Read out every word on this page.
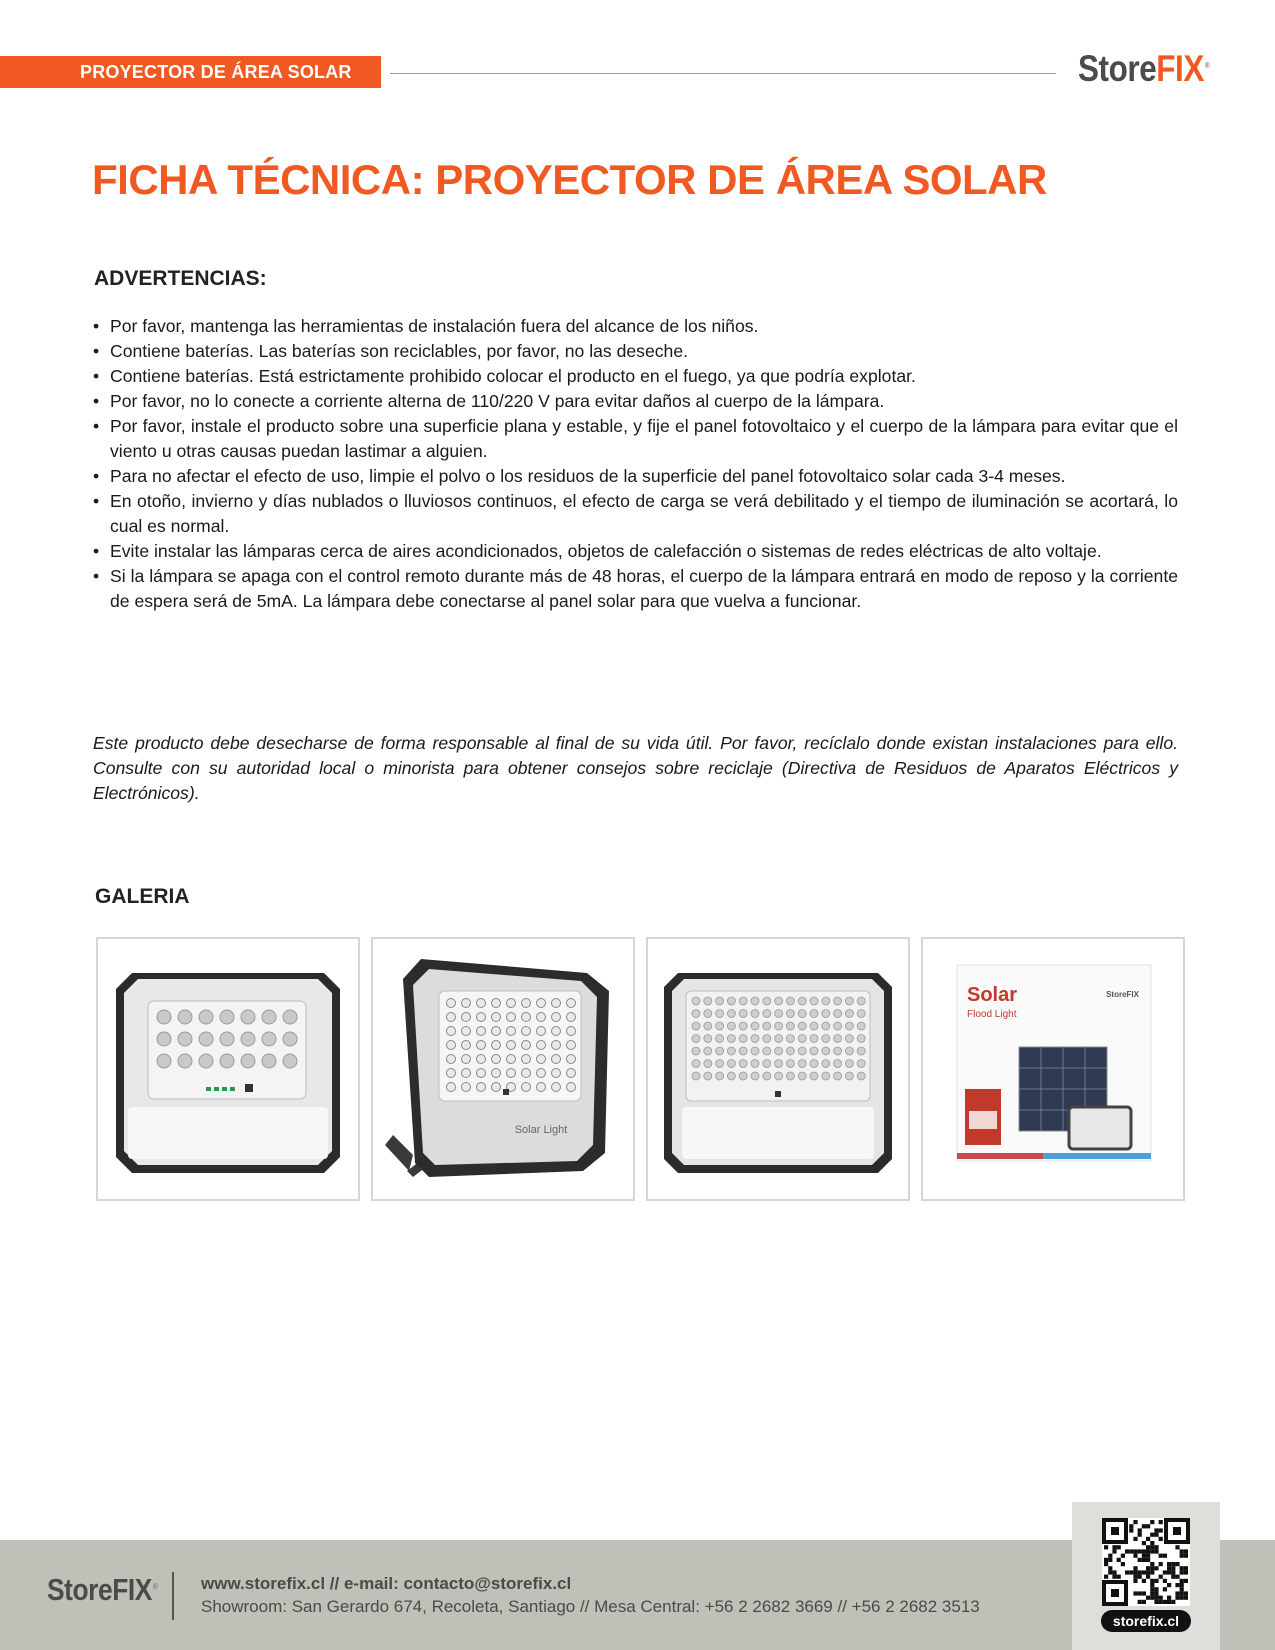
PROYECTOR DE ÁREA SOLAR	StoreFIX®
FICHA TÉCNICA: PROYECTOR DE ÁREA SOLAR
ADVERTENCIAS:
• Por favor, mantenga las herramientas de instalación fuera del alcance de los niños.
• Contiene baterías. Las baterías son reciclables, por favor, no las deseche.
• Contiene baterías. Está estrictamente prohibido colocar el producto en el fuego, ya que podría explotar.
• Por favor, no lo conecte a corriente alterna de 110/220 V para evitar daños al cuerpo de la lámpara.
• Por favor, instale el producto sobre una superficie plana y estable, y fije el panel fotovoltaico y el cuerpo de la lámpara para evitar que el viento u otras causas puedan lastimar a alguien.
• Para no afectar el efecto de uso, limpie el polvo o los residuos de la superficie del panel fotovoltaico solar cada 3-4 meses.
• En otoño, invierno y días nublados o lluviosos continuos, el efecto de carga se verá debilitado y el tiempo de iluminación se acortará, lo cual es normal.
• Evite instalar las lámparas cerca de aires acondicionados, objetos de calefacción o sistemas de redes eléctricas de alto voltaje.
• Si la lámpara se apaga con el control remoto durante más de 48 horas, el cuerpo de la lámpara entrará en modo de reposo y la corriente de espera será de 5mA. La lámpara debe conectarse al panel solar para que vuelva a funcionar.

Este producto debe desecharse de forma responsable al final de su vida útil. Por favor, recíclalo donde existan instalaciones para ello. Consulte con su autoridad local o minorista para obtener consejos sobre reciclaje (Directiva de Residuos de Aparatos Eléctricos y Electrónicos).

GALERIA
Solar Light
Solar
Flood Light
StoreFIX
StoreFIX®	www.storefix.cl // e-mail: contacto@storefix.cl
Showroom: San Gerardo 674, Recoleta, Santiago // Mesa Central: +56 2 2682 3669 // +56 2 2682 3513
storefix.cl
